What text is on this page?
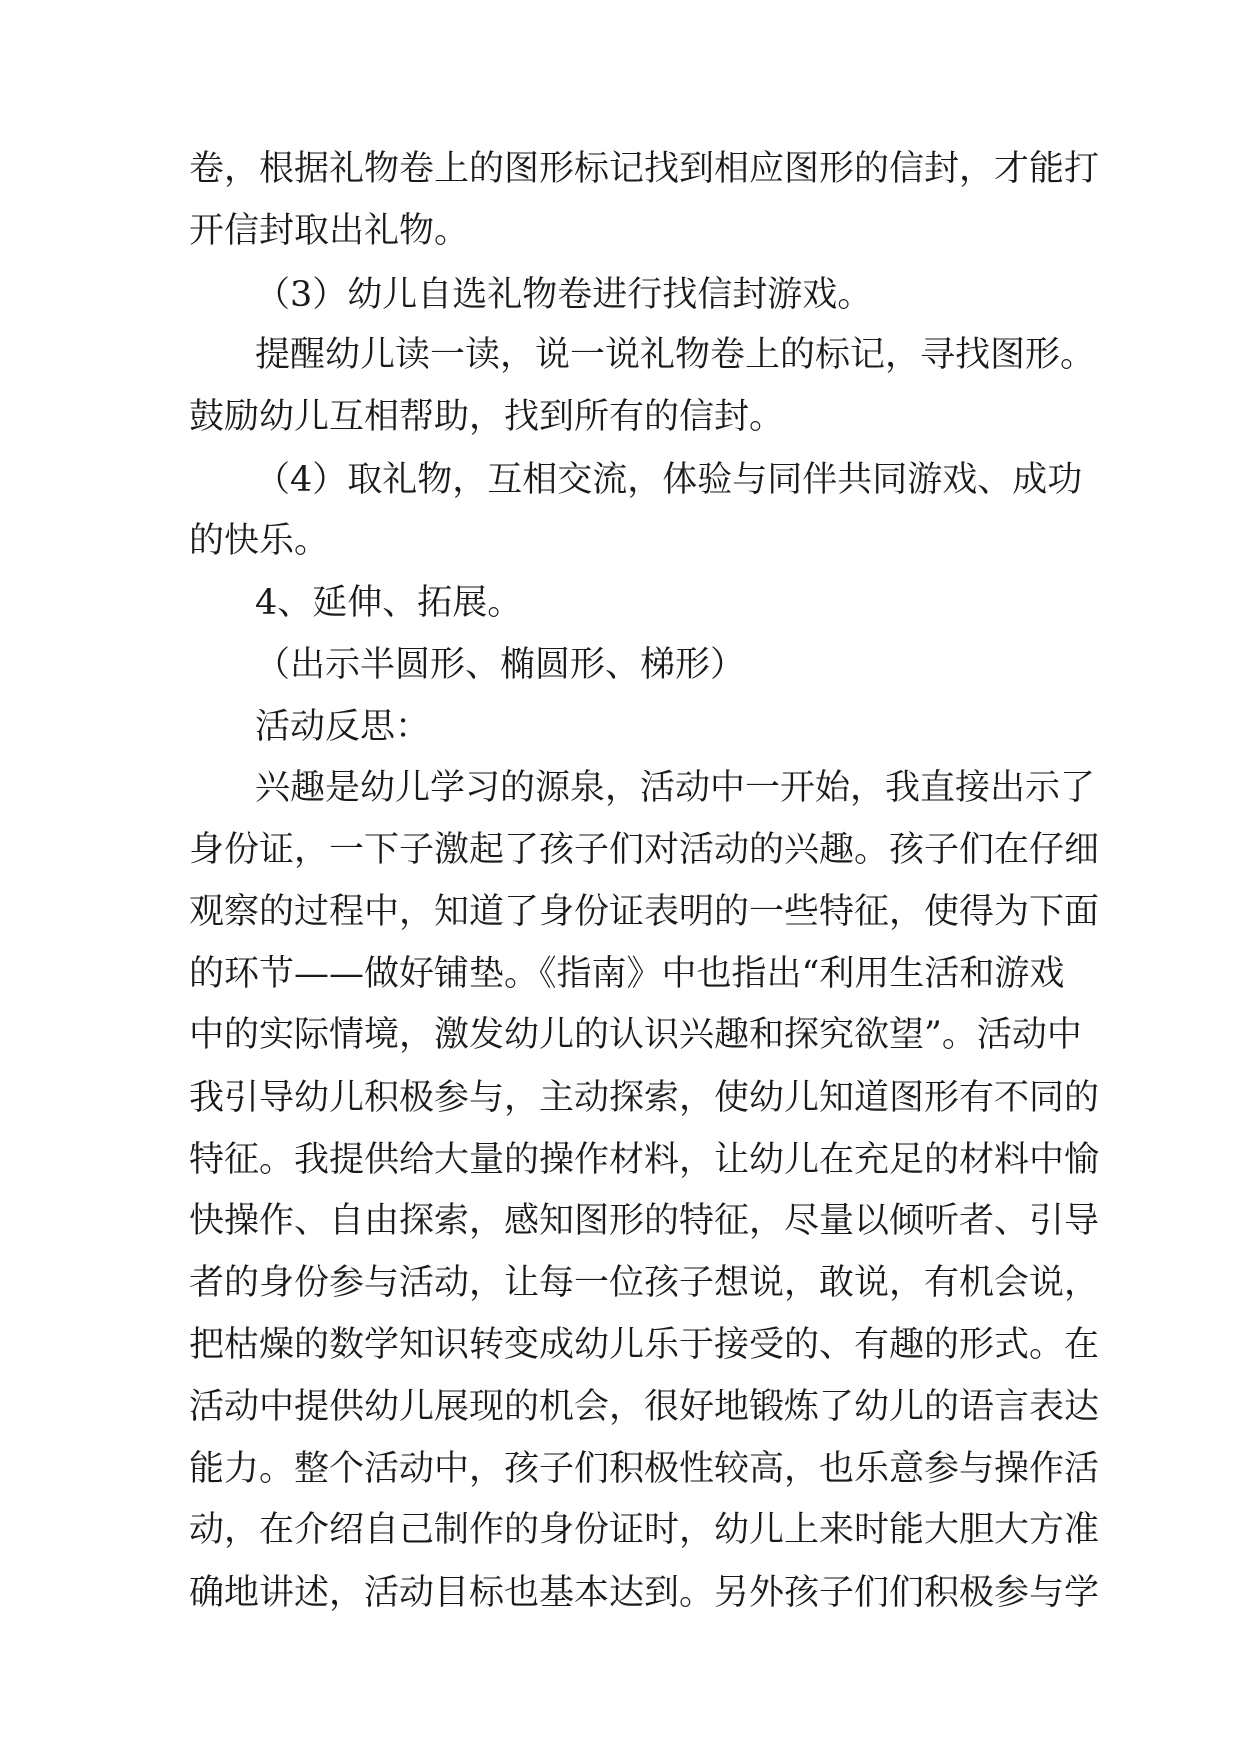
卷，根据礼物卷上的图形标记找到相应图形的信封，才能打
开信封取出礼物。
（3）幼儿自选礼物卷进行找信封游戏。
提醒幼儿读一读，说一说礼物卷上的标记，寻找图形。
鼓励幼儿互相帮助，找到所有的信封。
（4）取礼物，互相交流，体验与同伴共同游戏、成功
的快乐。
4、延伸、拓展。
（出示半圆形、椭圆形、梯形）
活动反思：
兴趣是幼儿学习的源泉，活动中一开始，我直接出示了
身份证，一下子激起了孩子们对活动的兴趣。孩子们在仔细
观察的过程中，知道了身份证表明的一些特征，使得为下面
的环节——做好铺垫。《指南》中也指出“利用生活和游戏
中的实际情境，激发幼儿的认识兴趣和探究欲望”。活动中
我引导幼儿积极参与，主动探索，使幼儿知道图形有不同的
特征。我提供给大量的操作材料，让幼儿在充足的材料中愉
快操作、自由探索，感知图形的特征，尽量以倾听者、引导
者的身份参与活动，让每一位孩子想说，敢说，有机会说，
把枯燥的数学知识转变成幼儿乐于接受的、有趣的形式。在
活动中提供幼儿展现的机会，很好地锻炼了幼儿的语言表达
能力。整个活动中，孩子们积极性较高，也乐意参与操作活
动，在介绍自己制作的身份证时，幼儿上来时能大胆大方准
确地讲述，活动目标也基本达到。另外孩子们们积极参与学
